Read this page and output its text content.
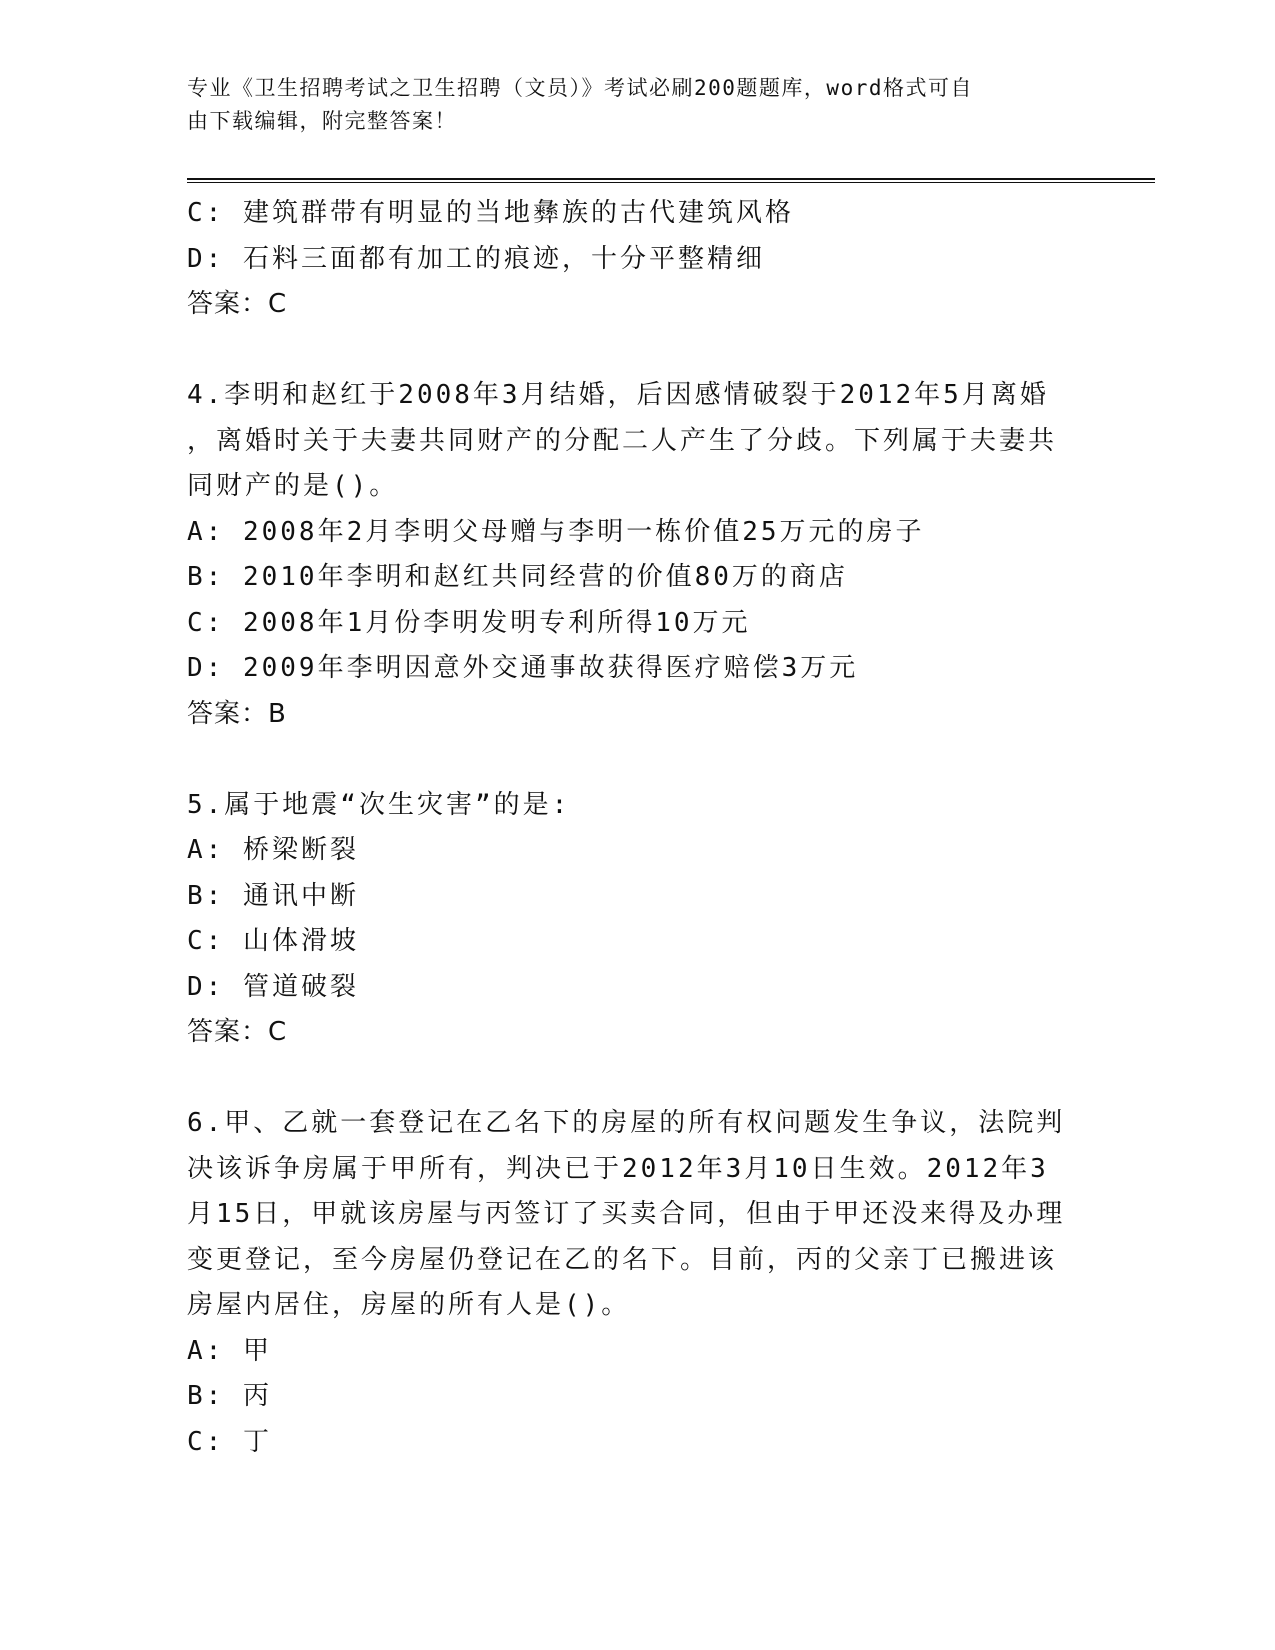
专业《卫生招聘考试之卫生招聘（文员）》考试必刷200题题库，word格式可自
由下载编辑，附完整答案！
C: 建筑群带有明显的当地彝族的古代建筑风格
D: 石料三面都有加工的痕迹，十分平整精细
答案：C
4.李明和赵红于2008年3月结婚，后因感情破裂于2012年5月离婚
，离婚时关于夫妻共同财产的分配二人产生了分歧。下列属于夫妻共
同财产的是()。
A: 2008年2月李明父母赠与李明一栋价值25万元的房子
B: 2010年李明和赵红共同经营的价值80万的商店
C: 2008年1月份李明发明专利所得10万元
D: 2009年李明因意外交通事故获得医疗赔偿3万元
答案：B
5.属于地震“次生灾害”的是:
A: 桥梁断裂
B: 通讯中断
C: 山体滑坡
D: 管道破裂
答案：C
6.甲、乙就一套登记在乙名下的房屋的所有权问题发生争议，法院判
决该诉争房属于甲所有，判决已于2012年3月10日生效。2012年3
月15日，甲就该房屋与丙签订了买卖合同，但由于甲还没来得及办理
变更登记，至今房屋仍登记在乙的名下。目前，丙的父亲丁已搬进该
房屋内居住，房屋的所有人是()。
A: 甲
B: 丙
C: 丁
